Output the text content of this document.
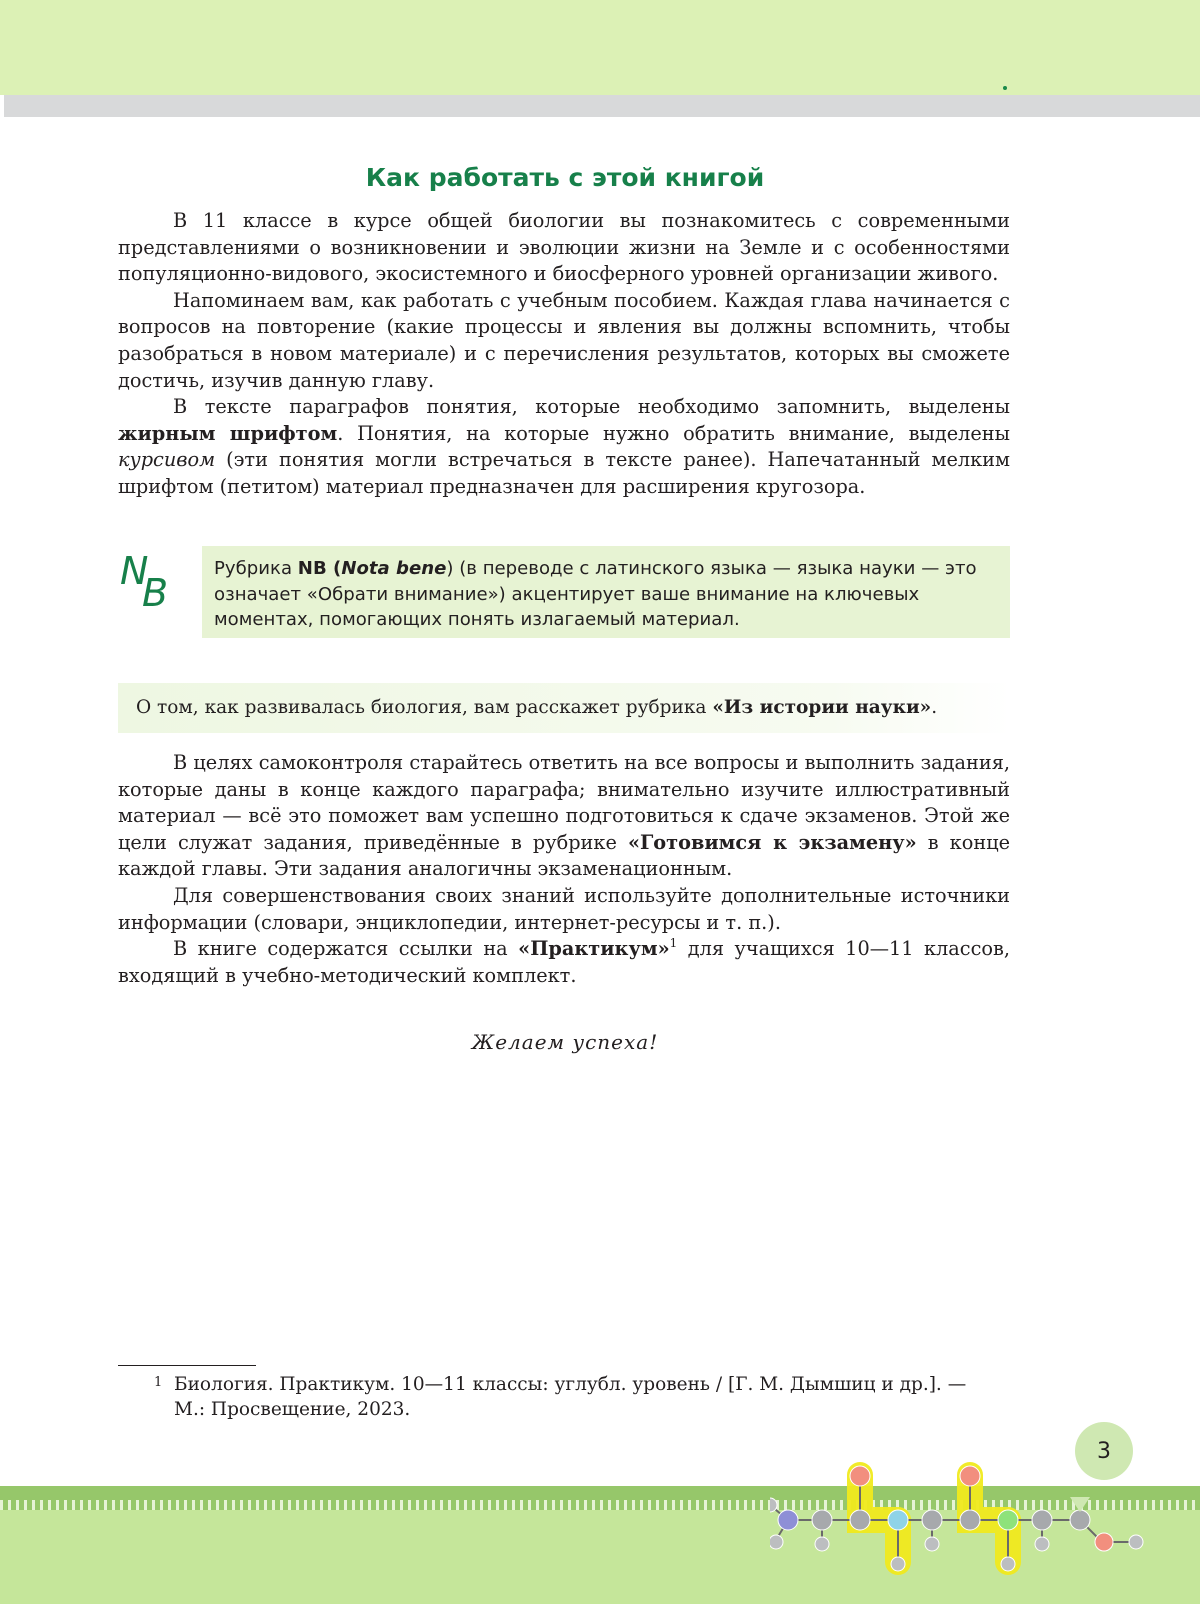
Как работать с этой книгой

В 11 классе в курсе общей биологии вы познакомитесь с современными представлениями о возникновении и эволюции жизни на Земле и с особенностями популяционно-видового, экосистемного и биосферного уровней организации живого.

Напоминаем вам, как работать с учебным пособием. Каждая глава начинается с вопросов на повторение (какие процессы и явления вы должны вспомнить, чтобы разобраться в новом материале) и с перечисления результатов, которых вы сможете достичь, изучив данную главу.

В тексте параграфов понятия, которые необходимо запомнить, выделены жирным шрифтом. Понятия, на которые нужно обратить внимание, выделены курсивом (эти понятия могли встречаться в тексте ранее). Напечатанный мелким шрифтом (петитом) материал предназначен для расширения кругозора.

N
B
Рубрика NB (Nota bene) (в переводе с латинского языка — языка науки — это означает «Обрати внимание») акцентирует ваше внимание на ключевых моментах, помогающих понять излагаемый материал.
О том, как развивалась биология, вам расскажет рубрика «Из истории науки».

В целях самоконтроля старайтесь ответить на все вопросы и выполнить задания, которые даны в конце каждого параграфа; внимательно изучите иллюстративный материал — всё это поможет вам успешно подготовиться к сдаче экзаменов. Этой же цели служат задания, приведённые в рубрике «Готовимся к экзамену» в конце каждой главы. Эти задания аналогичны экзаменационным.

Для совершенствования своих знаний используйте дополнительные источники информации (словари, энциклопедии, интернет-ресурсы и т. п.).

В книге содержатся ссылки на «Практикум»$^1$ для учащихся 10—11 классов, входящий в учебно-методический комплект.

Желаем успеха!
1 Биология. Практикум. 10—11 классы: углубл. уровень / [Г. М. Дымшиц и др.]. —
М.: Просвещение, 2023.
3
